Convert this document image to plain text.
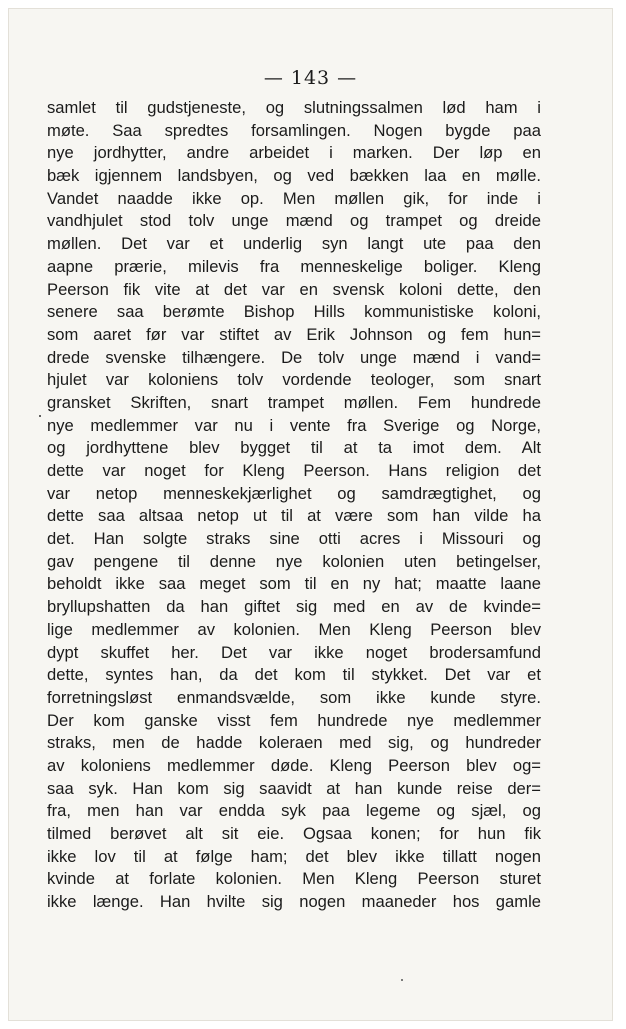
— 143 —
samlet til gudstjeneste, og slutningssalmen lød ham i
møte. Saa spredtes forsamlingen. Nogen bygde paa
nye jordhytter, andre arbeidet i marken. Der løp en
bæk igjennem landsbyen, og ved bækken laa en mølle.
Vandet naadde ikke op. Men møllen gik, for inde i
vandhjulet stod tolv unge mænd og trampet og dreide
møllen. Det var et underlig syn langt ute paa den
aapne prærie, milevis fra menneskelige boliger. Kleng
Peerson fik vite at det var en svensk koloni dette, den
senere saa berømte Bishop Hills kommunistiske koloni,
som aaret før var stiftet av Erik Johnson og fem hun=
drede svenske tilhængere. De tolv unge mænd i vand=
hjulet var koloniens tolv vordende teologer, som snart
gransket Skriften, snart trampet møllen. Fem hundrede
nye medlemmer var nu i vente fra Sverige og Norge,
og jordhyttene blev bygget til at ta imot dem. Alt
dette var noget for Kleng Peerson. Hans religion det
var netop menneskekjærlighet og samdrægtighet, og
dette saa altsaa netop ut til at være som han vilde ha
det. Han solgte straks sine otti acres i Missouri og
gav pengene til denne nye kolonien uten betingelser,
beholdt ikke saa meget som til en ny hat; maatte laane
bryllupshatten da han giftet sig med en av de kvinde=
lige medlemmer av kolonien. Men Kleng Peerson blev
dypt skuffet her. Det var ikke noget brodersamfund
dette, syntes han, da det kom til stykket. Det var et
forretningsløst enmandsvælde, som ikke kunde styre.
Der kom ganske visst fem hundrede nye medlemmer
straks, men de hadde koleraen med sig, og hundreder
av koloniens medlemmer døde. Kleng Peerson blev og=
saa syk. Han kom sig saavidt at han kunde reise der=
fra, men han var endda syk paa legeme og sjæl, og
tilmed berøvet alt sit eie. Ogsaa konen; for hun fik
ikke lov til at følge ham; det blev ikke tillatt nogen
kvinde at forlate kolonien. Men Kleng Peerson sturet
ikke længe. Han hvilte sig nogen maaneder hos gamle
